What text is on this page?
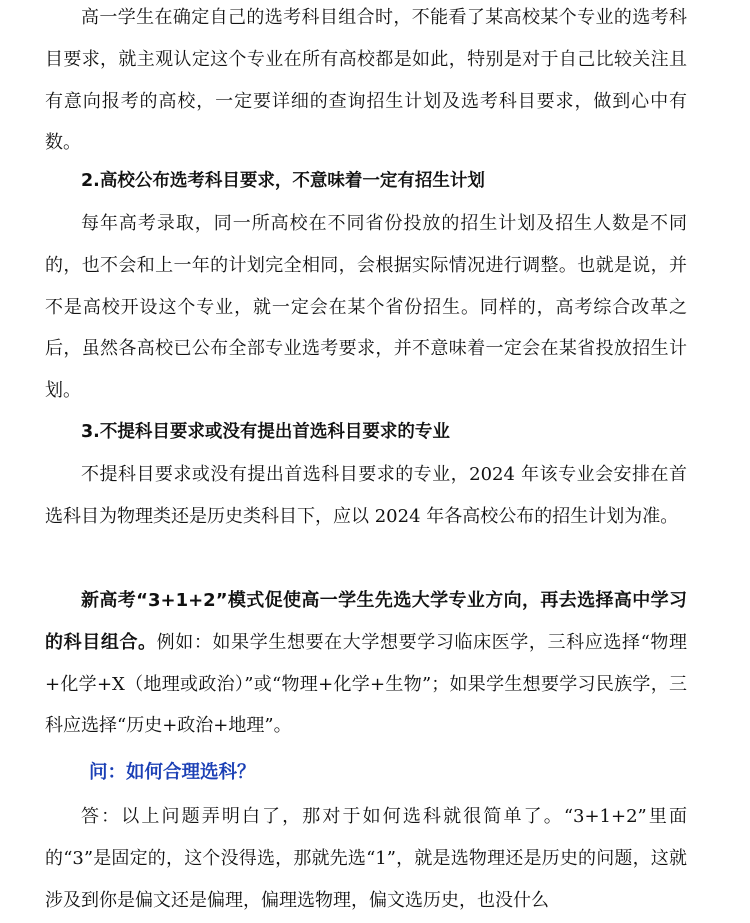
高一学生在确定自己的选考科目组合时，不能看了某高校某个专业的选考科目要求，就主观认定这个专业在所有高校都是如此，特别是对于自己比较关注且有意向报考的高校，一定要详细的查询招生计划及选考科目要求，做到心中有数。

2.高校公布选考科目要求，不意味着一定有招生计划

每年高考录取，同一所高校在不同省份投放的招生计划及招生人数是不同的，也不会和上一年的计划完全相同，会根据实际情况进行调整。也就是说，并不是高校开设这个专业，就一定会在某个省份招生。同样的，高考综合改革之后，虽然各高校已公布全部专业选考要求，并不意味着一定会在某省投放招生计划。

3.不提科目要求或没有提出首选科目要求的专业

不提科目要求或没有提出首选科目要求的专业，2024 年该专业会安排在首选科目为物理类还是历史类科目下，应以 2024 年各高校公布的招生计划为准。

新高考“3+1+2”模式促使高一学生先选大学专业方向，再去选择高中学习的科目组合。例如：如果学生想要在大学想要学习临床医学，三科应选择“物理+化学+X（地理或政治）”或“物理+化学+生物”；如果学生想要学习民族学，三科应选择“历史+政治+地理”。

问：如何合理选科？

答：以上问题弄明白了，那对于如何选科就很简单了。“3+1+2”里面的“3”是固定的，这个没得选，那就先选“1”，就是选物理还是历史的问题，这就涉及到你是偏文还是偏理，偏理选物理，偏文选历史，也没什么
